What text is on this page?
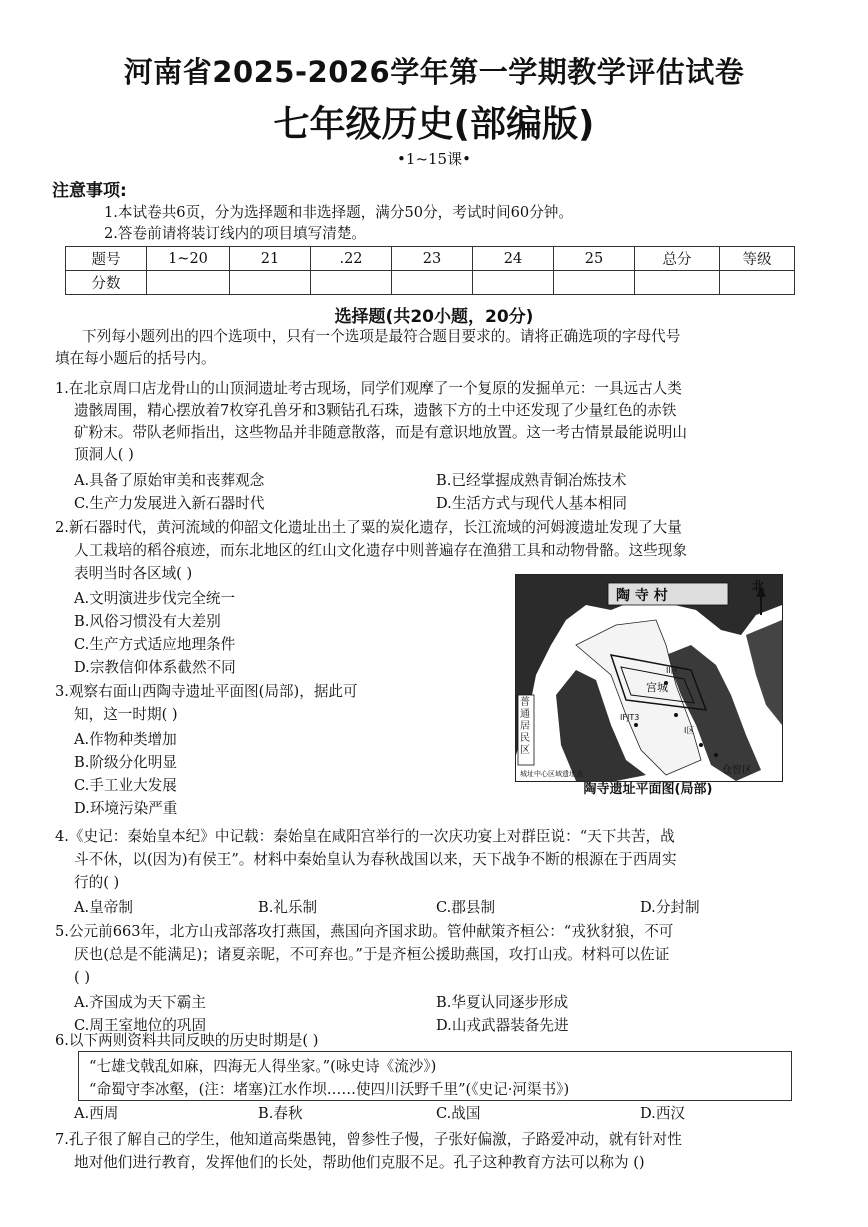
河南省2025-2026学年第一学期教学评估试卷
七年级历史(部编版)
•1~15课•
注意事项:
1.本试卷共6页，分为选择题和非选择题，满分50分，考试时间60分钟。
2.答卷前请将装订线内的项目填写清楚。
题号	1~20	21	.22	23	24	25	总分	等级
分数								
选择题(共20小题，20分)
下列每小题列出的四个选项中，只有一个选项是最符合题目要求的。请将正确选项的字母代号
填在每小题后的括号内。
1.在北京周口店龙骨山的山顶洞遗址考古现场，同学们观摩了一个复原的发掘单元：一具远古人类
遗骸周围，精心摆放着7枚穿孔兽牙和3颗钻孔石珠，遗骸下方的土中还发现了少量红色的赤铁
矿粉末。带队老师指出，这些物品并非随意散落，而是有意识地放置。这一考古情景最能说明山
顶洞人( )
A.具备了原始审美和丧葬观念	B.已经掌握成熟青铜冶炼技术
C.生产力发展进入新石器时代	D.生活方式与现代人基本相同
2.新石器时代，黄河流域的仰韶文化遗址出土了粟的炭化遗存，长江流域的河姆渡遗址发现了大量
人工栽培的稻谷痕迹，而东北地区的红山文化遗存中则普遍存在渔猎工具和动物骨骼。这些现象
表明当时各区域( )
A.文明演进步伐完全统一
B.风俗习惯没有大差别
C.生产方式适应地理条件
D.宗教信仰体系截然不同
3.观察右面山西陶寺遗址平面图(局部)，据此可
知，这一时期( )
A.作物种类增加
B.阶级分化明显
C.手工业大发展
D.环境污染严重
北
陶 寺 村
宫城
普通居民区
仓窖区
IFJT3
II区
I区
城址中心区域遗址点
陶寺遗址平面图(局部)
4.《史记：秦始皇本纪》中记载：秦始皇在咸阳宫举行的一次庆功宴上对群臣说：“天下共苦，战
斗不休，以(因为)有侯王”。材料中秦始皇认为春秋战国以来，天下战争不断的根源在于西周实
行的( )
A.皇帝制	B.礼乐制	C.郡县制	D.分封制
5.公元前663年，北方山戎部落攻打燕国，燕国向齐国求助。管仲献策齐桓公：“戎狄豺狼，不可
厌也(总是不能满足)；诸夏亲昵，不可弃也。”于是齐桓公援助燕国，攻打山戎。材料可以佐证
( )
A.齐国成为天下霸主	B.华夏认同逐步形成
C.周王室地位的巩固	D.山戎武器装备先进
6.以下两则资料共同反映的历史时期是( )
“七雄戈戟乱如麻，四海无人得坐家。”(咏史诗《流沙》)
“命蜀守李冰壑，(注：堵塞)江水作坝……使四川沃野千里”(《史记·河渠书》)
A.西周	B.春秋	C.战国	D.西汉
7.孔子很了解自己的学生，他知道高柴愚钝，曾参性子慢，子张好偏激，子路爱冲动，就有针对性
地对他们进行教育，发挥他们的长处，帮助他们克服不足。孔子这种教育方法可以称为 ()
